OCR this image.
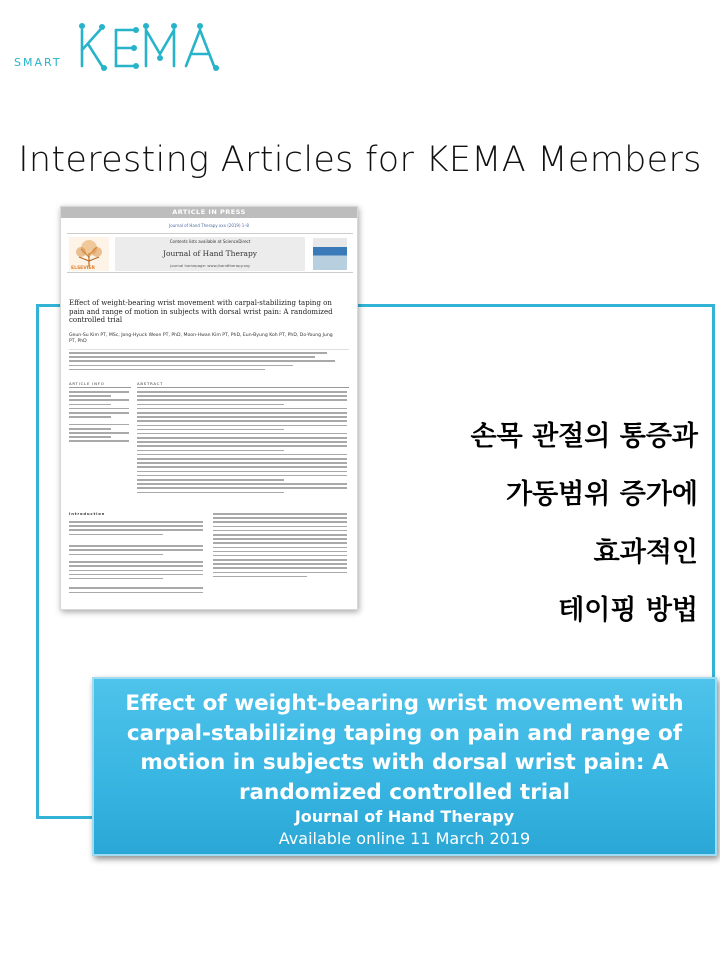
SMART
Interesting Articles for KEMA Members
ARTICLE IN PRESS
Journal of Hand Therapy xxx (2019) 1–8
ELSEVIER
Contents lists available at ScienceDirect
Journal of Hand Therapy
journal homepage: www.jhandtherapy.org
Effect of weight-bearing wrist movement with carpal-stabilizing taping on pain and range of motion in subjects with dorsal wrist pain: A randomized controlled trial
Geun-Su Kim PT, MSc, Jong-Hyuck Weon PT, PhD, Moon-Hwan Kim PT, PhD, Eun-Byung Koh PT, PhD, Do-Young Jung PT, PhD
ARTICLE INFO	ABSTRACT
Introduction
손목 관절의 통증과
가동범위 증가에
효과적인
테이핑 방법
Effect of weight-bearing wrist movement with
carpal-stabilizing taping on pain and range of
motion in subjects with dorsal wrist pain: A
randomized controlled trial
Journal of Hand Therapy
Available online 11 March 2019
